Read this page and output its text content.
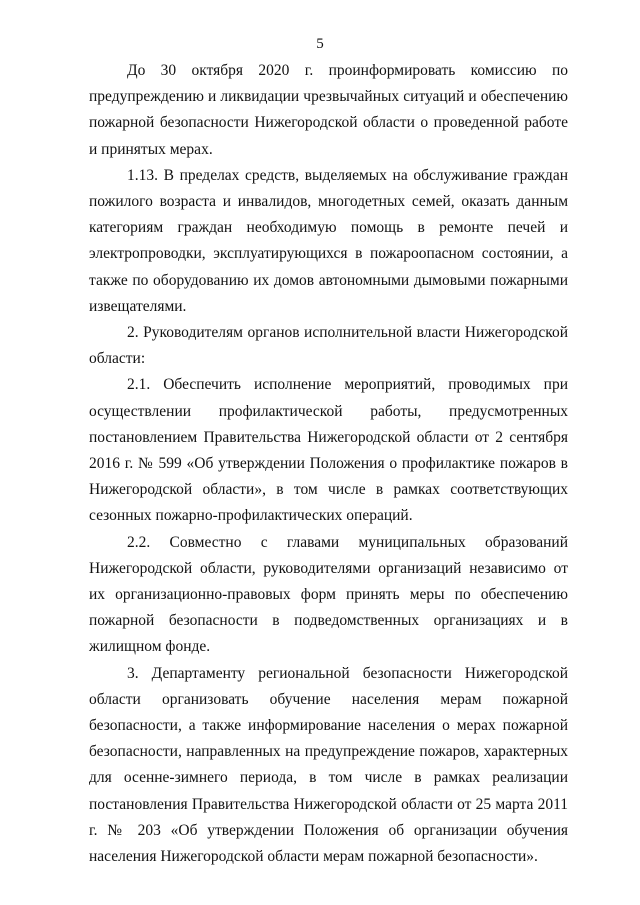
5

До 30 октября 2020 г. проинформировать комиссию по предупреждению и ликвидации чрезвычайных ситуаций и обеспечению пожарной безопасности Нижегородской области о проведенной работе и принятых мерах.

1.13. В пределах средств, выделяемых на обслуживание граждан пожилого возраста и инвалидов, многодетных семей, оказать данным категориям граждан необходимую помощь в ремонте печей и электропроводки, эксплуатирующихся в пожароопасном состоянии, а также по оборудованию их домов автономными дымовыми пожарными извещателями.

2. Руководителям органов исполнительной власти Нижегородской области:

2.1. Обеспечить исполнение мероприятий, проводимых при осуществлении профилактической работы, предусмотренных постановлением Правительства Нижегородской области от 2 сентября 2016 г. № 599 «Об утверждении Положения о профилактике пожаров в Нижегородской области», в том числе в рамках соответствующих сезонных пожарно-профилактических операций.

2.2. Совместно с главами муниципальных образований Нижегородской области, руководителями организаций независимо от их организационно-правовых форм принять меры по обеспечению пожарной безопасности в подведомственных организациях и в жилищном фонде.

3. Департаменту региональной безопасности Нижегородской области организовать обучение населения мерам пожарной безопасности, а также информирование населения о мерах пожарной безопасности, направленных на предупреждение пожаров, характерных для осенне-зимнего периода, в том числе в рамках реализации постановления Правительства Нижегородской области от 25 марта 2011 г. № 203 «Об утверждении Положения об организации обучения населения Нижегородской области мерам пожарной безопасности».
